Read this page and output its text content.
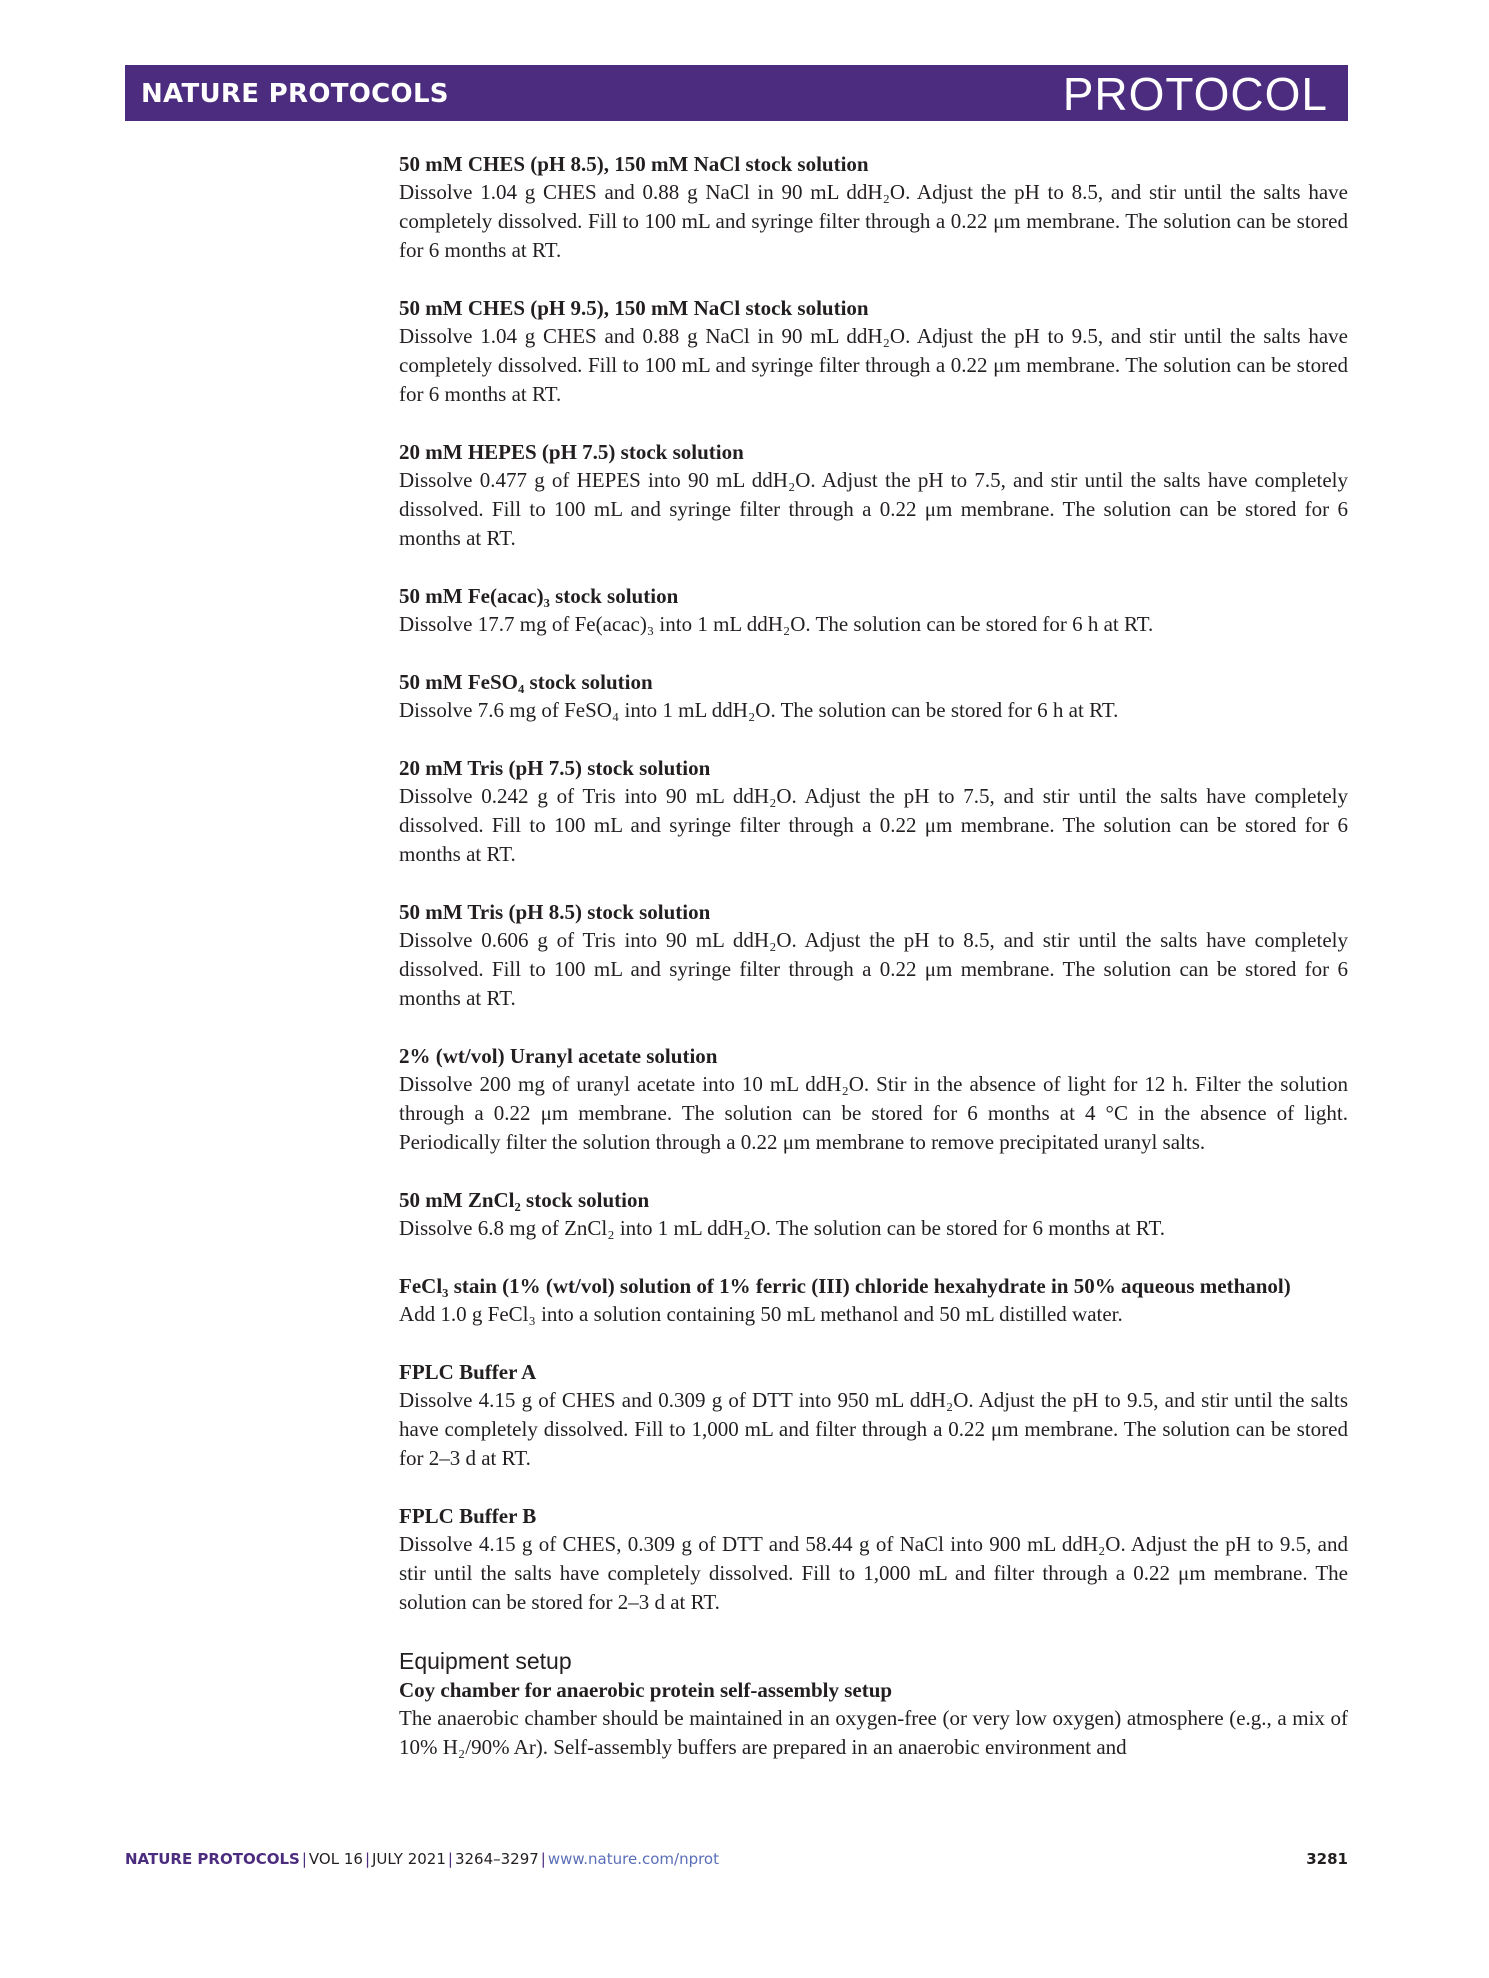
NATURE PROTOCOLS	PROTOCOL

50 mM CHES (pH 8.5), 150 mM NaCl stock solution

Dissolve 1.04 g CHES and 0.88 g NaCl in 90 mL ddH₂O. Adjust the pH to 8.5, and stir until the salts have completely dissolved. Fill to 100 mL and syringe filter through a 0.22 μm membrane. The solution can be stored for 6 months at RT.

50 mM CHES (pH 9.5), 150 mM NaCl stock solution

Dissolve 1.04 g CHES and 0.88 g NaCl in 90 mL ddH₂O. Adjust the pH to 9.5, and stir until the salts have completely dissolved. Fill to 100 mL and syringe filter through a 0.22 μm membrane. The solution can be stored for 6 months at RT.

20 mM HEPES (pH 7.5) stock solution

Dissolve 0.477 g of HEPES into 90 mL ddH₂O. Adjust the pH to 7.5, and stir until the salts have completely dissolved. Fill to 100 mL and syringe filter through a 0.22 μm membrane. The solution can be stored for 6 months at RT.

50 mM Fe(acac)₃ stock solution

Dissolve 17.7 mg of Fe(acac)₃ into 1 mL ddH₂O. The solution can be stored for 6 h at RT.

50 mM FeSO₄ stock solution

Dissolve 7.6 mg of FeSO₄ into 1 mL ddH₂O. The solution can be stored for 6 h at RT.

20 mM Tris (pH 7.5) stock solution

Dissolve 0.242 g of Tris into 90 mL ddH₂O. Adjust the pH to 7.5, and stir until the salts have completely dissolved. Fill to 100 mL and syringe filter through a 0.22 μm membrane. The solution can be stored for 6 months at RT.

50 mM Tris (pH 8.5) stock solution

Dissolve 0.606 g of Tris into 90 mL ddH₂O. Adjust the pH to 8.5, and stir until the salts have completely dissolved. Fill to 100 mL and syringe filter through a 0.22 μm membrane. The solution can be stored for 6 months at RT.

2% (wt/vol) Uranyl acetate solution

Dissolve 200 mg of uranyl acetate into 10 mL ddH₂O. Stir in the absence of light for 12 h. Filter the solution through a 0.22 μm membrane. The solution can be stored for 6 months at 4 °C in the absence of light. Periodically filter the solution through a 0.22 μm membrane to remove precipitated uranyl salts.

50 mM ZnCl₂ stock solution

Dissolve 6.8 mg of ZnCl₂ into 1 mL ddH₂O. The solution can be stored for 6 months at RT.

FeCl₃ stain (1% (wt/vol) solution of 1% ferric (III) chloride hexahydrate in 50% aqueous methanol)

Add 1.0 g FeCl₃ into a solution containing 50 mL methanol and 50 mL distilled water.

FPLC Buffer A

Dissolve 4.15 g of CHES and 0.309 g of DTT into 950 mL ddH₂O. Adjust the pH to 9.5, and stir until the salts have completely dissolved. Fill to 1,000 mL and filter through a 0.22 μm membrane. The solution can be stored for 2–3 d at RT.

FPLC Buffer B

Dissolve 4.15 g of CHES, 0.309 g of DTT and 58.44 g of NaCl into 900 mL ddH₂O. Adjust the pH to 9.5, and stir until the salts have completely dissolved. Fill to 1,000 mL and filter through a 0.22 μm membrane. The solution can be stored for 2–3 d at RT.

Equipment setup

Coy chamber for anaerobic protein self-assembly setup

The anaerobic chamber should be maintained in an oxygen-free (or very low oxygen) atmosphere (e.g., a mix of 10% H₂/90% Ar). Self-assembly buffers are prepared in an anaerobic environment and

NATURE PROTOCOLS | VOL 16 | JULY 2021 | 3264–3297 | www.nature.com/nprot	3281
